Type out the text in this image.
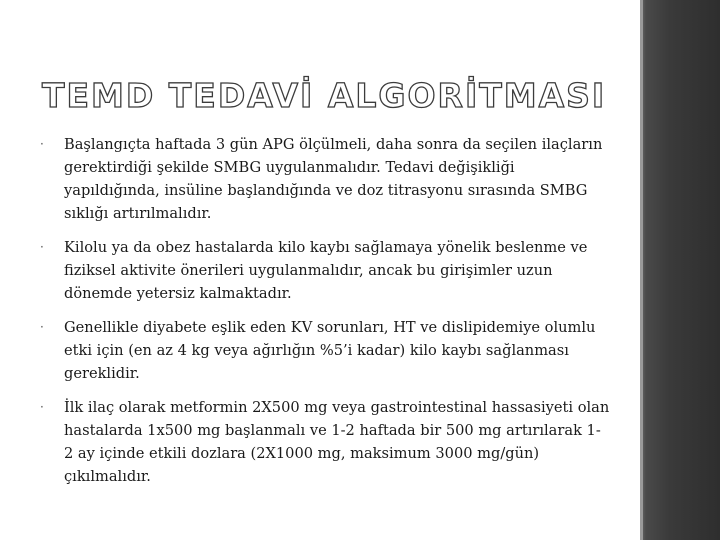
TEMD TEDAVİ ALGORİTMASI
·	Başlangıçta haftada 3 gün APG ölçülmeli, daha sonra da seçilen ilaçların gerektirdiği şekilde SMBG uygulanmalıdır. Tedavi değişikliği yapıldığında, insüline başlandığında ve doz titrasyonu sırasında SMBG sıklığı artırılmalıdır.
·	Kilolu ya da obez hastalarda kilo kaybı sağlamaya yönelik beslenme ve fiziksel aktivite önerileri uygulanmalıdır, ancak bu girişimler uzun dönemde yetersiz kalmaktadır.
·	Genellikle diyabete eşlik eden KV sorunları, HT ve dislipidemiye olumlu etki için (en az 4 kg veya ağırlığın %5’i kadar) kilo kaybı sağlanması gereklidir.
·	İlk ilaç olarak metformin 2X500 mg veya gastrointestinal hassasiyeti olan hastalarda 1x500 mg başlanmalı ve 1-2 haftada bir 500 mg artırılarak 1-2 ay içinde etkili dozlara (2X1000 mg, maksimum 3000 mg/gün) çıkılmalıdır.
